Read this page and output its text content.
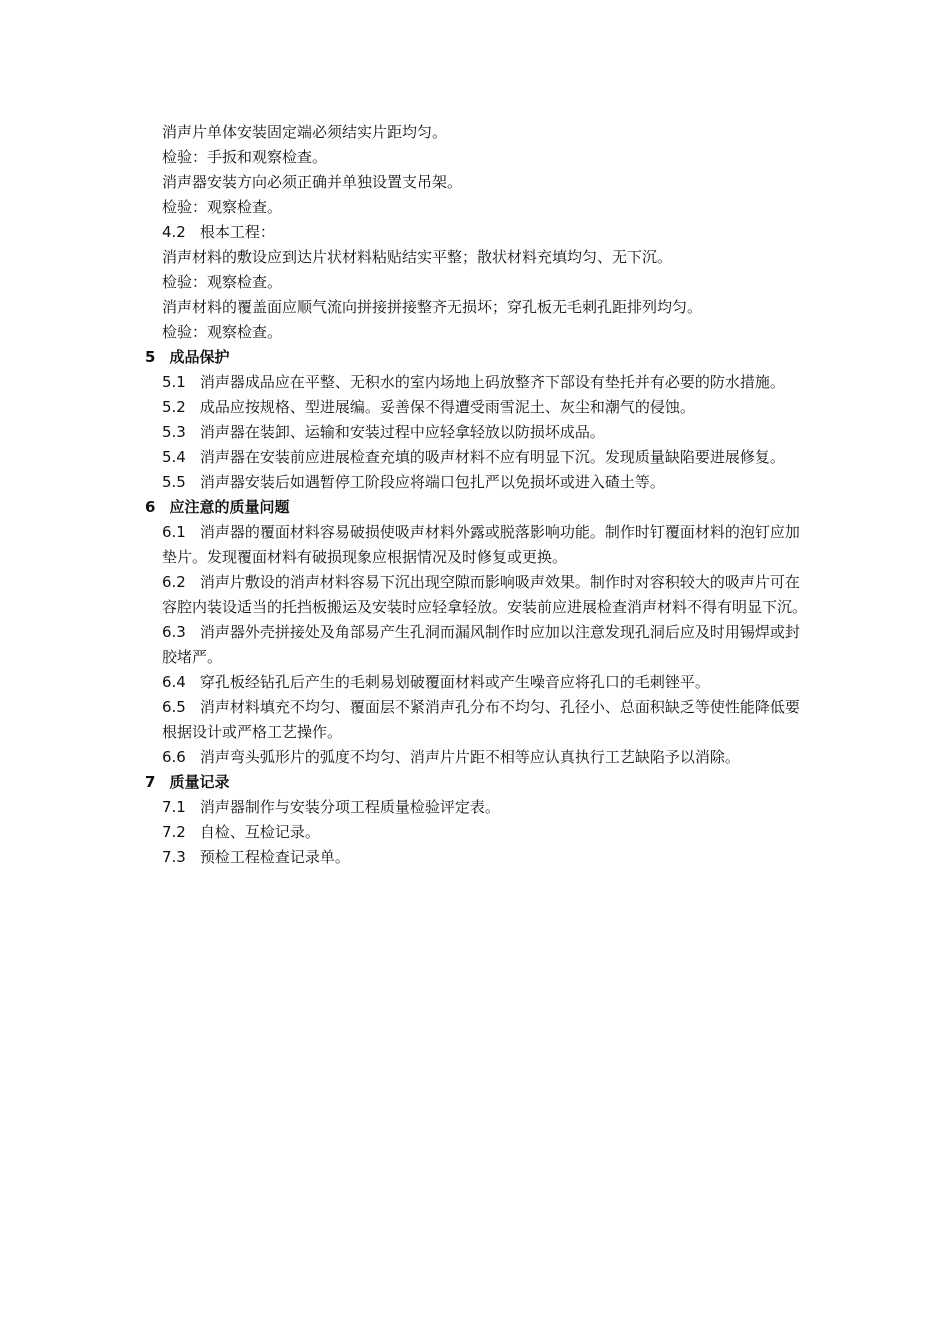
消声片单体安装固定端必须结实片距均匀。
检验：手扳和观察检查。
消声器安装方向必须正确并单独设置支吊架。
检验：观察检查。
4.2 根本工程：
消声材料的敷设应到达片状材料粘贴结实平整；散状材料充填均匀、无下沉。
检验：观察检查。
消声材料的覆盖面应顺气流向拼接拼接整齐无损坏；穿孔板无毛刺孔距排列均匀。
检验：观察检查。
5 成品保护
5.1 消声器成品应在平整、无积水的室内场地上码放整齐下部设有垫托并有必要的防水措施。
5.2 成品应按规格、型进展编。妥善保不得遭受雨雪泥土、灰尘和潮气的侵蚀。
5.3 消声器在装卸、运输和安装过程中应轻拿轻放以防损坏成品。
5.4 消声器在安装前应进展检查充填的吸声材料不应有明显下沉。发现质量缺陷要进展修复。
5.5 消声器安装后如遇暂停工阶段应将端口包扎严以免损坏或进入碴土等。
6 应注意的质量问题
6.1 消声器的覆面材料容易破损使吸声材料外露或脱落影响功能。制作时钉覆面材料的泡钉应加垫片。发现覆面材料有破损现象应根据情况及时修复或更换。
6.2 消声片敷设的消声材料容易下沉出现空隙而影响吸声效果。制作时对容积较大的吸声片可在容腔内装设适当的托挡板搬运及安装时应轻拿轻放。安装前应进展检查消声材料不得有明显下沉。
6.3 消声器外壳拼接处及角部易产生孔洞而漏风制作时应加以注意发现孔洞后应及时用锡焊或封胶堵严。
6.4 穿孔板经钻孔后产生的毛刺易划破覆面材料或产生噪音应将孔口的毛刺锉平。
6.5 消声材料填充不均匀、覆面层不紧消声孔分布不均匀、孔径小、总面积缺乏等使性能降低要根据设计或严格工艺操作。
6.6 消声弯头弧形片的弧度不均匀、消声片片距不相等应认真执行工艺缺陷予以消除。
7 质量记录
7.1 消声器制作与安装分项工程质量检验评定表。
7.2 自检、互检记录。
7.3 预检工程检查记录单。
